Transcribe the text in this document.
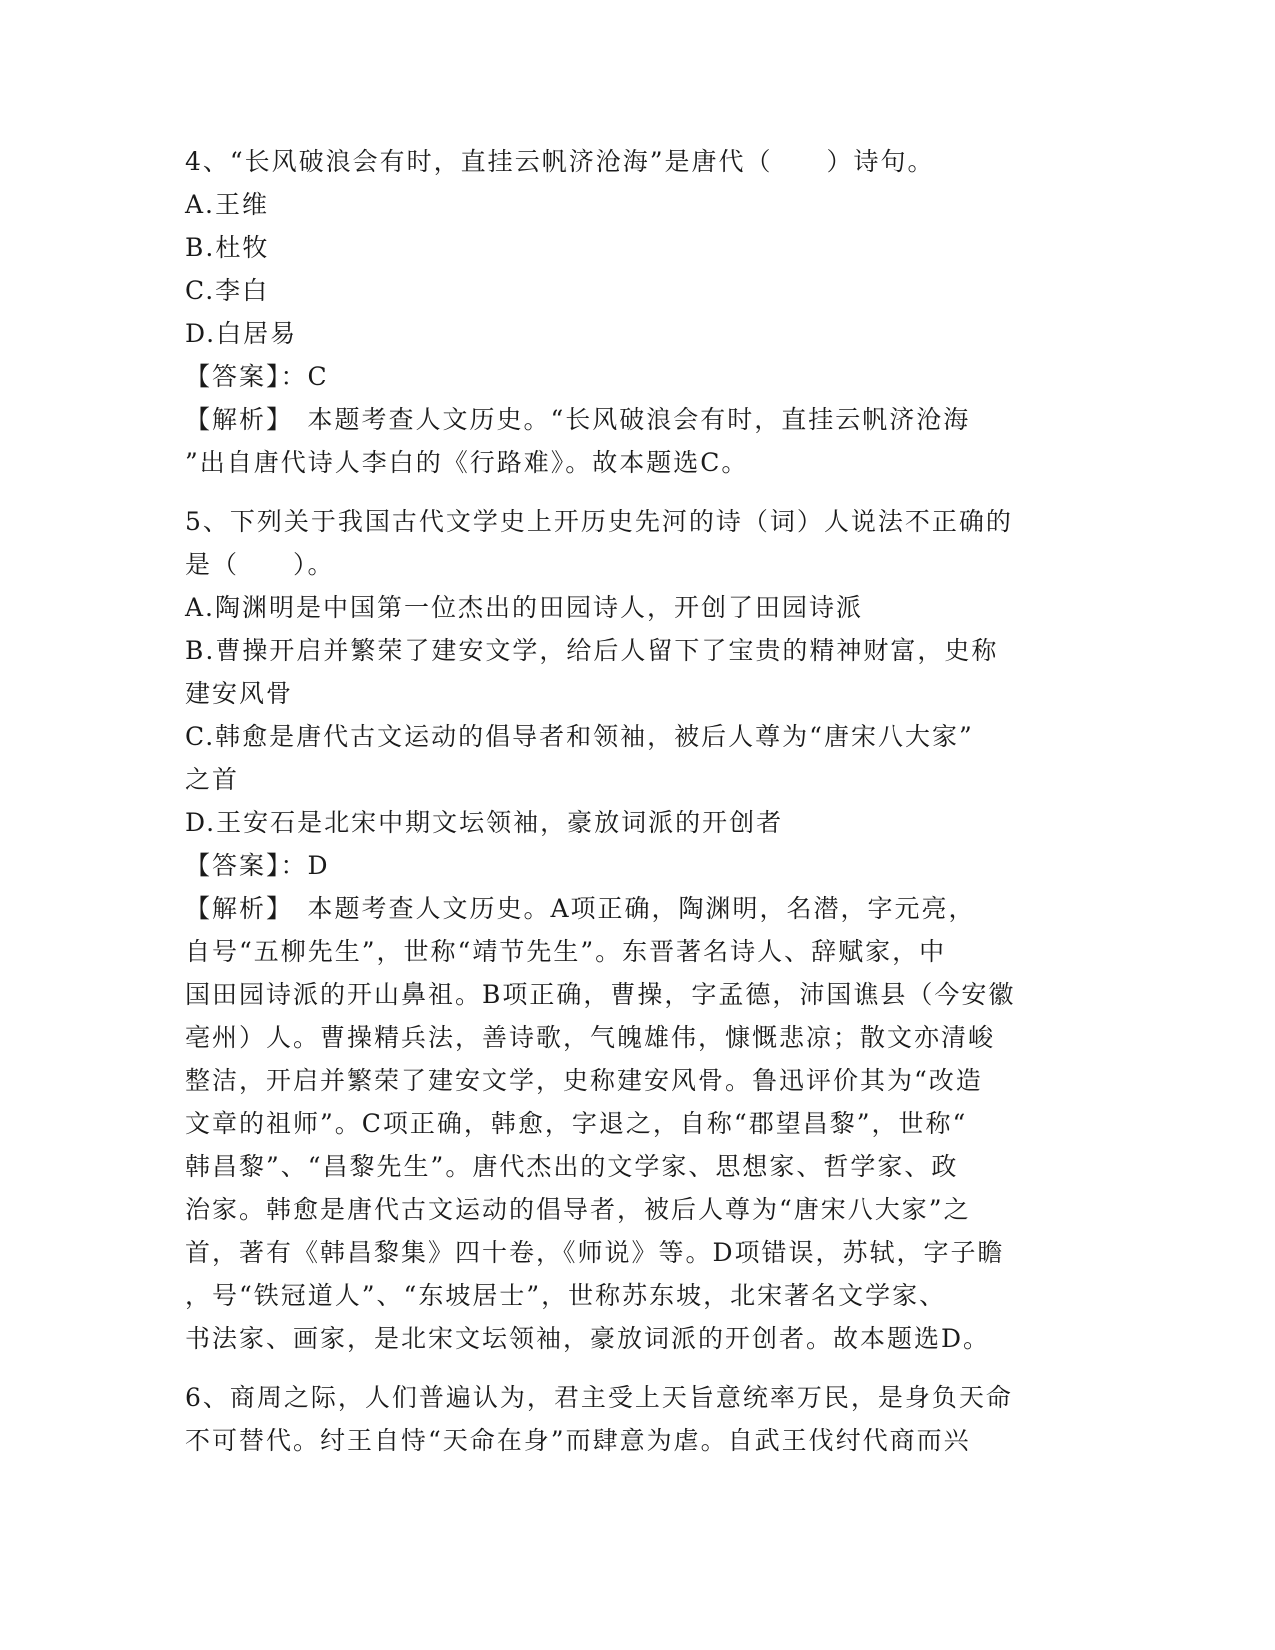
4、“长风破浪会有时，直挂云帆济沧海”是唐代（　　）诗句。
A.王维
B.杜牧
C.李白
D.白居易
【答案】：C
【解析】　本题考查人文历史。“长风破浪会有时，直挂云帆济沧海
”出自唐代诗人李白的《行路难》。故本题选C。
5、下列关于我国古代文学史上开历史先河的诗（词）人说法不正确的
是（　　）。
A.陶渊明是中国第一位杰出的田园诗人，开创了田园诗派
B.曹操开启并繁荣了建安文学，给后人留下了宝贵的精神财富，史称
建安风骨
C.韩愈是唐代古文运动的倡导者和领袖，被后人尊为“唐宋八大家”
之首
D.王安石是北宋中期文坛领袖，豪放词派的开创者
【答案】：D
【解析】　本题考查人文历史。A项正确，陶渊明，名潜，字元亮，
自号“五柳先生”，世称“靖节先生”。东晋著名诗人、辞赋家，中
国田园诗派的开山鼻祖。B项正确，曹操，字孟德，沛国谯县（今安徽
亳州）人。曹操精兵法，善诗歌，气魄雄伟，慷慨悲凉；散文亦清峻
整洁，开启并繁荣了建安文学，史称建安风骨。鲁迅评价其为“改造
文章的祖师”。C项正确，韩愈，字退之，自称“郡望昌黎”，世称“
韩昌黎”、“昌黎先生”。唐代杰出的文学家、思想家、哲学家、政
治家。韩愈是唐代古文运动的倡导者，被后人尊为“唐宋八大家”之
首，著有《韩昌黎集》四十卷，《师说》等。D项错误，苏轼，字子瞻
，号“铁冠道人”、“东坡居士”，世称苏东坡，北宋著名文学家、
书法家、画家，是北宋文坛领袖，豪放词派的开创者。故本题选D。
6、商周之际，人们普遍认为，君主受上天旨意统率万民，是身负天命
不可替代。纣王自恃“天命在身”而肆意为虐。自武王伐纣代商而兴
